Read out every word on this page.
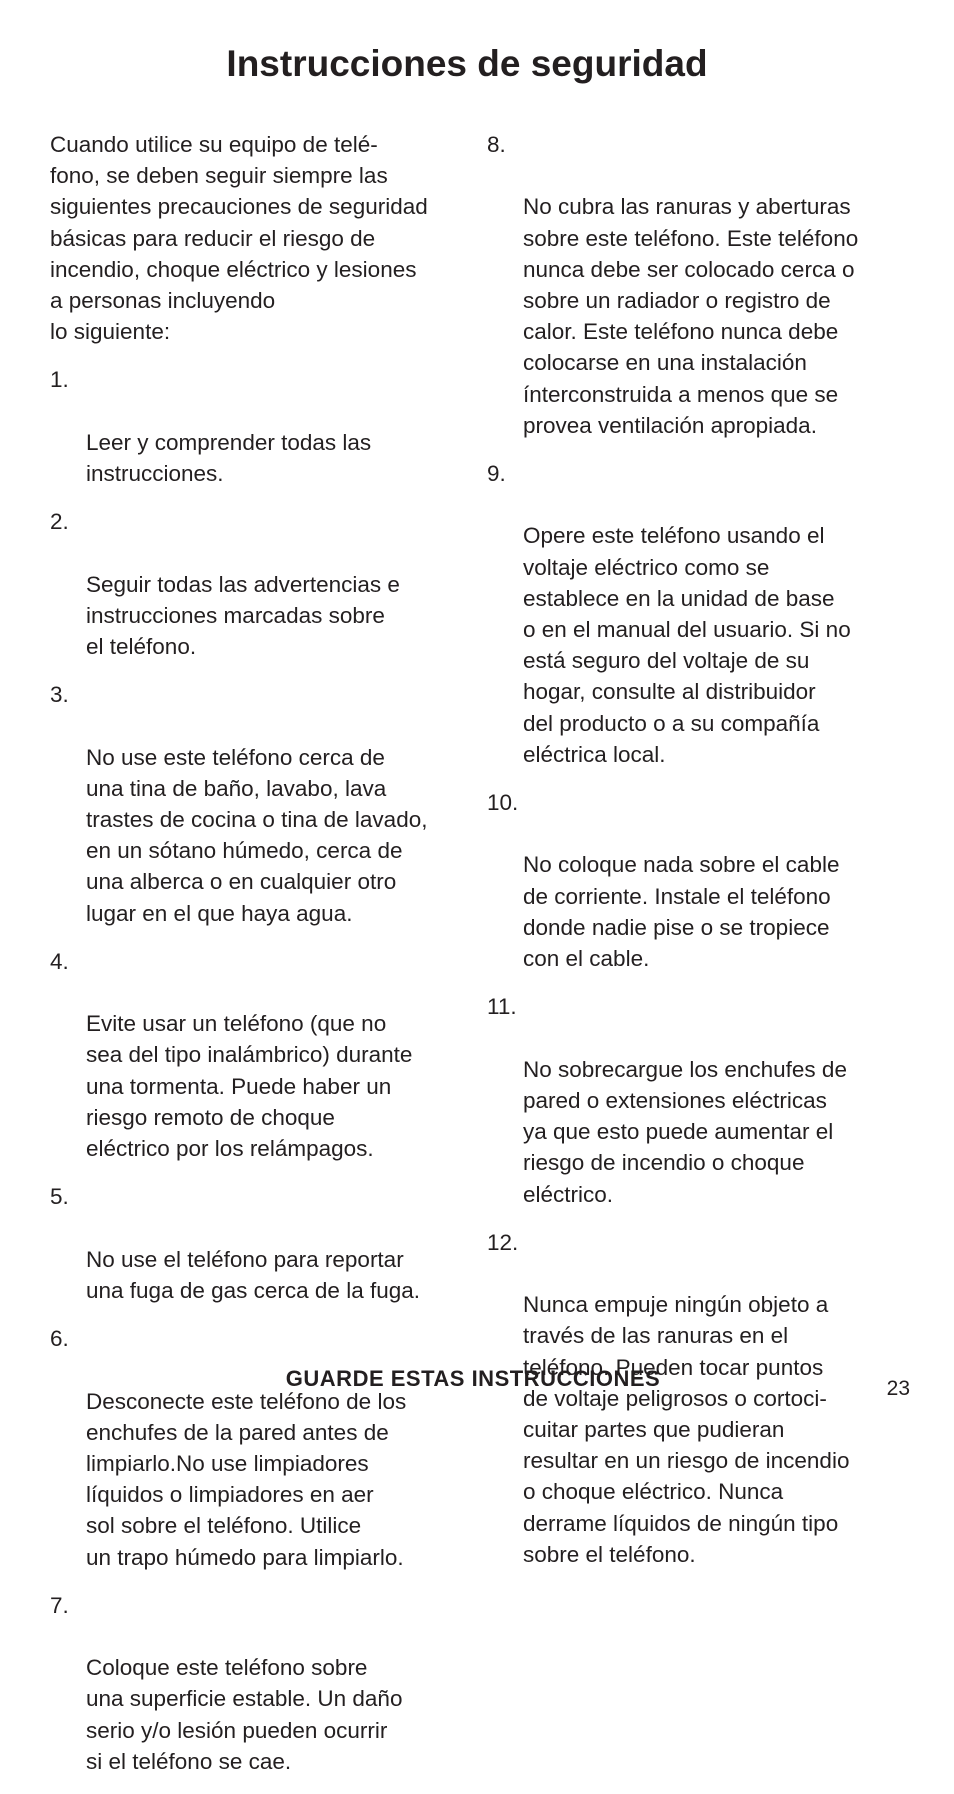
Instrucciones de seguridad

Cuando utilice su equipo de telé-
fono, se deben seguir siempre las
siguientes precauciones de seguridad
básicas para reducir el riesgo de
incendio, choque eléctrico y lesiones
a personas incluyendo
lo siguiente:

1.

Leer y comprender todas las
instrucciones.

2.

Seguir todas las advertencias e
instrucciones marcadas sobre
el teléfono.

3.

No use este teléfono cerca de
una tina de baño, lavabo, lava
trastes de cocina o tina de lavado,
en un sótano húmedo, cerca de
una alberca o en cualquier otro
lugar en el que haya agua.

4.

Evite usar un teléfono (que no
sea del tipo inalámbrico) durante
una tormenta. Puede haber un
riesgo remoto de choque
eléctrico por los relámpagos.

5.

No use el teléfono para reportar
una fuga de gas cerca de la fuga.

6.

Desconecte este teléfono de los
enchufes de la pared antes de
limpiarlo.No use limpiadores
líquidos o limpiadores en aer
sol sobre el teléfono. Utilice
un trapo húmedo para limpiarlo.

7.

Coloque este teléfono sobre
una superficie estable. Un daño
serio y/o lesión pueden ocurrir
si el teléfono se cae.

8.

No cubra las ranuras y aberturas
sobre este teléfono. Este teléfono
nunca debe ser colocado cerca o
sobre un radiador o registro de
calor. Este teléfono nunca debe
colocarse en una instalación
ínterconstruida a menos que se
provea ventilación apropiada.

9.

Opere este teléfono usando el
voltaje eléctrico como se
establece en la unidad de base
o en el manual del usuario. Si no
está seguro del voltaje de su
hogar, consulte al distribuidor
del producto o a su compañía
eléctrica local.

10.

No coloque nada sobre el cable
de corriente. Instale el teléfono
donde nadie pise o se tropiece
con el cable.

11.

No sobrecargue los enchufes de
pared o extensiones eléctricas
ya que esto puede aumentar el
riesgo de incendio o choque
eléctrico.

12.

Nunca empuje ningún objeto a
través de las ranuras en el
teléfono. Pueden tocar puntos
de voltaje peligrosos o cortoci-
cuitar partes que pudieran
resultar en un riesgo de incendio
o choque eléctrico. Nunca
derrame líquidos de ningún tipo
sobre el teléfono.

GUARDE ESTAS INSTRUCCIONES	23
